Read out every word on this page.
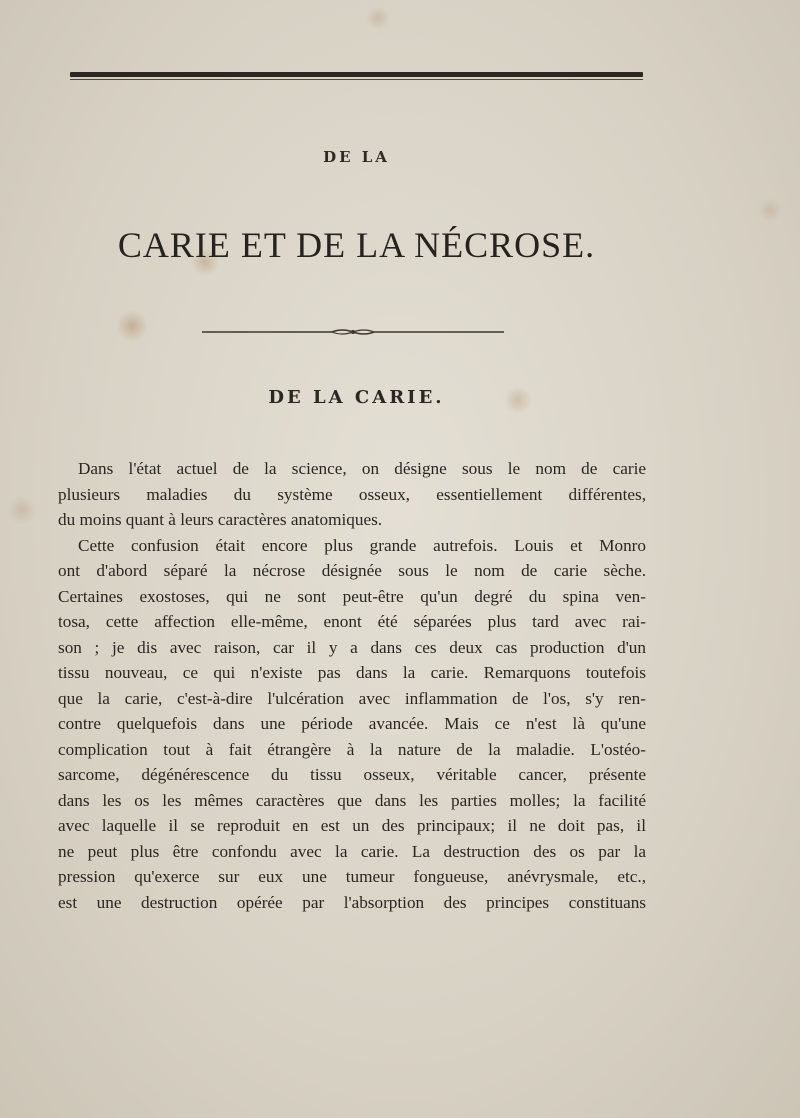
DE LA
CARIE ET DE LA NÉCROSE.
DE LA CARIE.
Dans l'état actuel de la science, on désigne sous le nom de carie
plusieurs maladies du système osseux, essentiellement différentes,
du moins quant à leurs caractères anatomiques.
Cette confusion était encore plus grande autrefois. Louis et Monro
ont d'abord séparé la nécrose désignée sous le nom de carie sèche.
Certaines exostoses, qui ne sont peut-être qu'un degré du spina ven-
tosa, cette affection elle-même, enont été séparées plus tard avec rai-
son ; je dis avec raison, car il y a dans ces deux cas production d'un
tissu nouveau, ce qui n'existe pas dans la carie. Remarquons toutefois
que la carie, c'est-à-dire l'ulcération avec inflammation de l'os, s'y ren-
contre quelquefois dans une période avancée. Mais ce n'est là qu'une
complication tout à fait étrangère à la nature de la maladie. L'ostéo-
sarcome, dégénérescence du tissu osseux, véritable cancer, présente
dans les os les mêmes caractères que dans les parties molles; la facilité
avec laquelle il se reproduit en est un des principaux; il ne doit pas, il
ne peut plus être confondu avec la carie. La destruction des os par la
pression qu'exerce sur eux une tumeur fongueuse, anévrysmale, etc.,
est une destruction opérée par l'absorption des principes constituans
